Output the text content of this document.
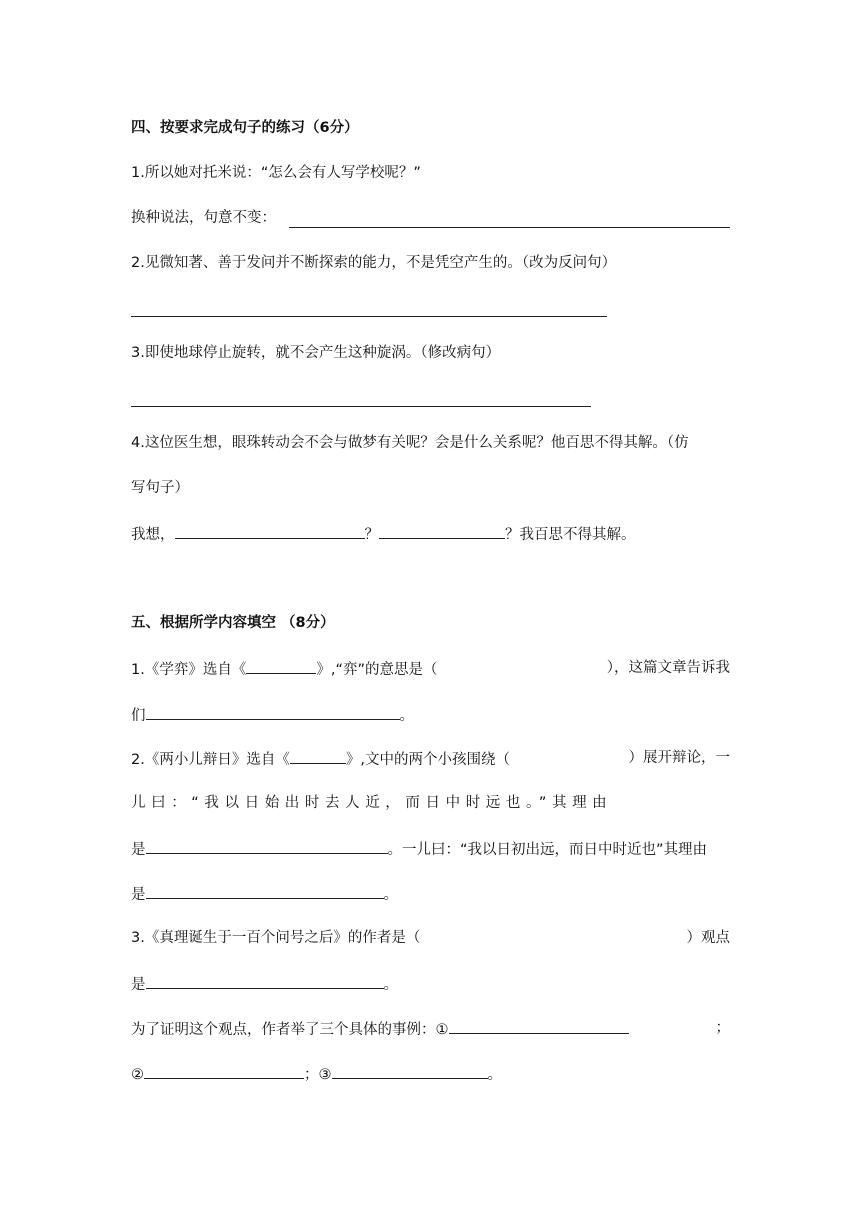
四、按要求完成句子的练习（6分）
1.所以她对托米说：“怎么会有人写学校呢？”
换种说法，句意不变：
2.见微知著、善于发问并不断探索的能力，不是凭空产生的。（改为反问句）
3.即使地球停止旋转，就不会产生这种旋涡。（修改病句）
4.这位医生想，眼珠转动会不会与做梦有关呢？会是什么关系呢？他百思不得其解。（仿
写句子）
我想，	？	？我百思不得其解。
五、根据所学内容填空 （8分）
1.《学弈》选自《	》,“弈”的意思是（	），这篇文章告诉我
们	。
2.《两小儿辩日》选自《	》,文中的两个小孩围绕（	）展开辩论，一
儿曰：“我以日始出时去人近，而日中时远也。”其理由
是	。一儿曰：“我以日初出远，而日中时近也”其理由
是	。
3.《真理诞生于一百个问号之后》的作者是（	）观点
是	。
为了证明这个观点，作者举了三个具体的事例：①	；
②	；③	。
